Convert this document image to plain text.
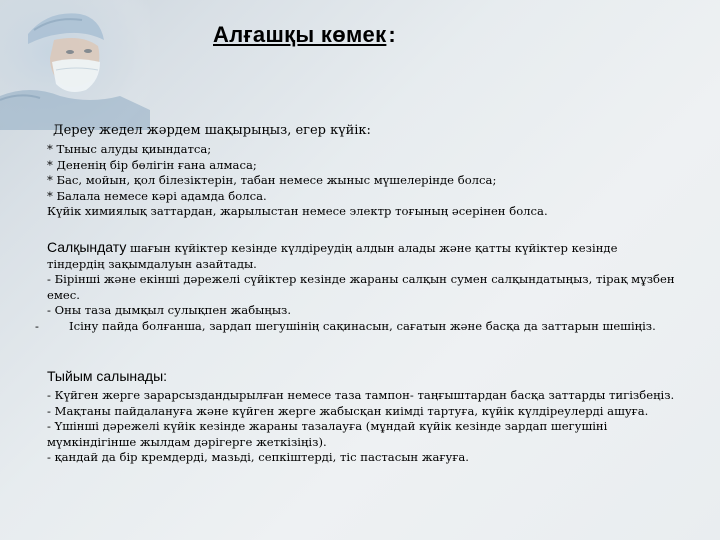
Алғашқы көмек:
Дереу жедел жәрдем шақырыңыз, егер күйік:
* Тыныс алуды қиындатса;
* Дененің бір бөлігін ғана алмаса;
* Бас, мойын, қол білезіктерін, табан немесе жыныс мүшелерінде болса;
* Балала немесе кәрі адамда болса.
Күйік химиялық заттардан, жарылыстан немесе электр тоғының әсерінен болса.
Салқындату шағын күйіктер кезінде күлдіреудің алдын алады және қатты күйіктер кезінде тіндердің зақымдалуын азайтады.
- Бірінші және екінші дәрежелі сүйіктер кезінде жараны салқын сумен салқындатыңыз, тірақ мұзбен емес.
- Оны таза дымқыл сулықпен жабыңыз.
-	Ісіну пайда болғанша, зардап шегушінің сақинасын, сағатын және басқа да заттарын шешіңіз.
Тыйым салынады:
- Күйген жерге зарарсыздандырылған немесе таза тампон- таңғыштардан басқа заттарды тигізбеңіз.
- Мақтаны пайдалануға және күйген жерге жабысқан киімді тартуға, күйік күлдіреулерді ашуға.
- Үшінші дәрежелі күйік кезінде жараны тазалауға (мұндай күйік кезінде зардап шегушіні мүмкіндігінше жылдам дәрігерге жеткізіңіз).
- қандай да бір кремдерді, мазьді, сепкіштерді, тіс пастасын жағуға.
